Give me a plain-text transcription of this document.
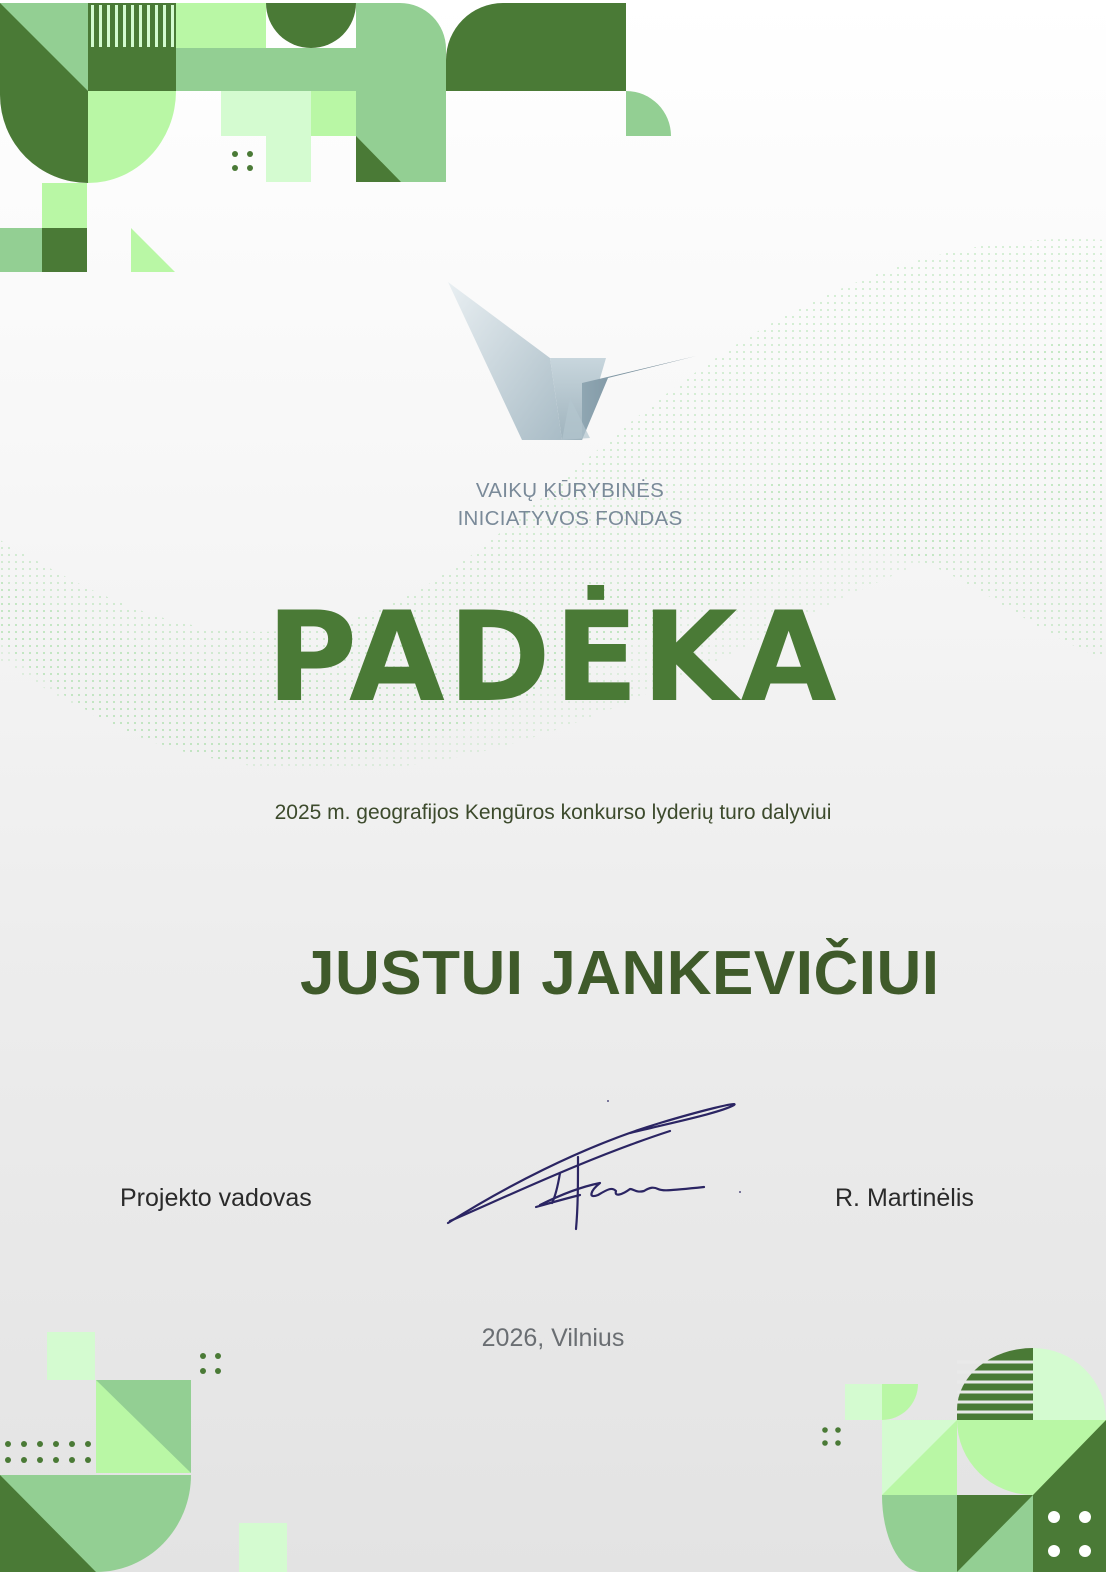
VAIKŲ KŪRYBINĖS
INICIATYVOS FONDAS
PADĖKA
2025 m. geografijos Kengūros konkurso lyderių turo dalyviui
JUSTUI JANKEVIČIUI
Projekto vadovas	R. Martinėlis
2026, Vilnius
